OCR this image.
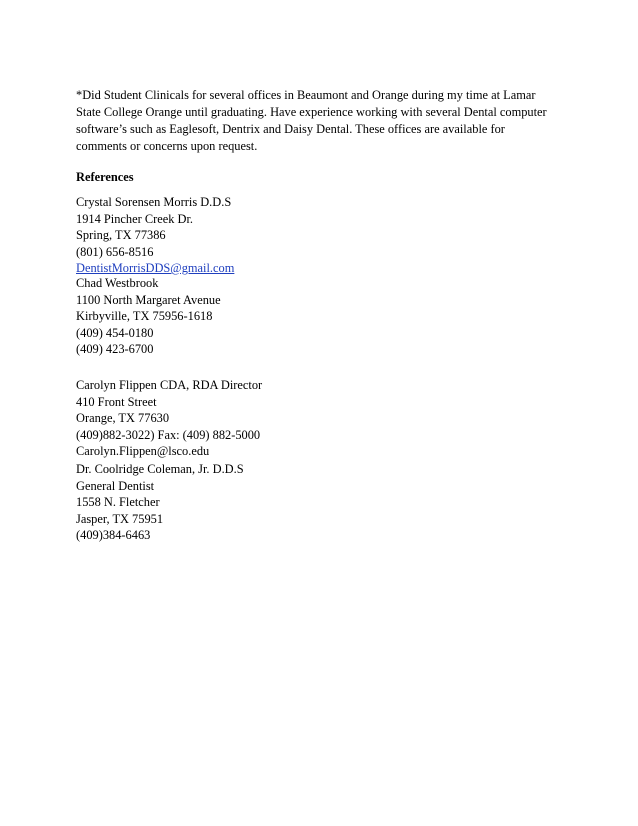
*Did Student Clinicals for several offices in Beaumont and Orange during my time at Lamar
State College Orange until graduating. Have experience working with several Dental computer
software’s such as Eaglesoft, Dentrix and Daisy Dental. These offices are available for
comments or concerns upon request.
References
Crystal Sorensen Morris D.D.S
1914 Pincher Creek Dr.
Spring, TX 77386
(801) 656-8516
DentistMorrisDDS@gmail.com
Chad Westbrook
1100 North Margaret Avenue
Kirbyville, TX 75956-1618
(409) 454-0180
(409) 423-6700
Carolyn Flippen CDA, RDA Director
410 Front Street
Orange, TX 77630
(409)882-3022) Fax: (409) 882-5000
Carolyn.Flippen@lsco.edu
Dr. Coolridge Coleman, Jr. D.D.S
General Dentist
1558 N. Fletcher
Jasper, TX 75951
(409)384-6463
